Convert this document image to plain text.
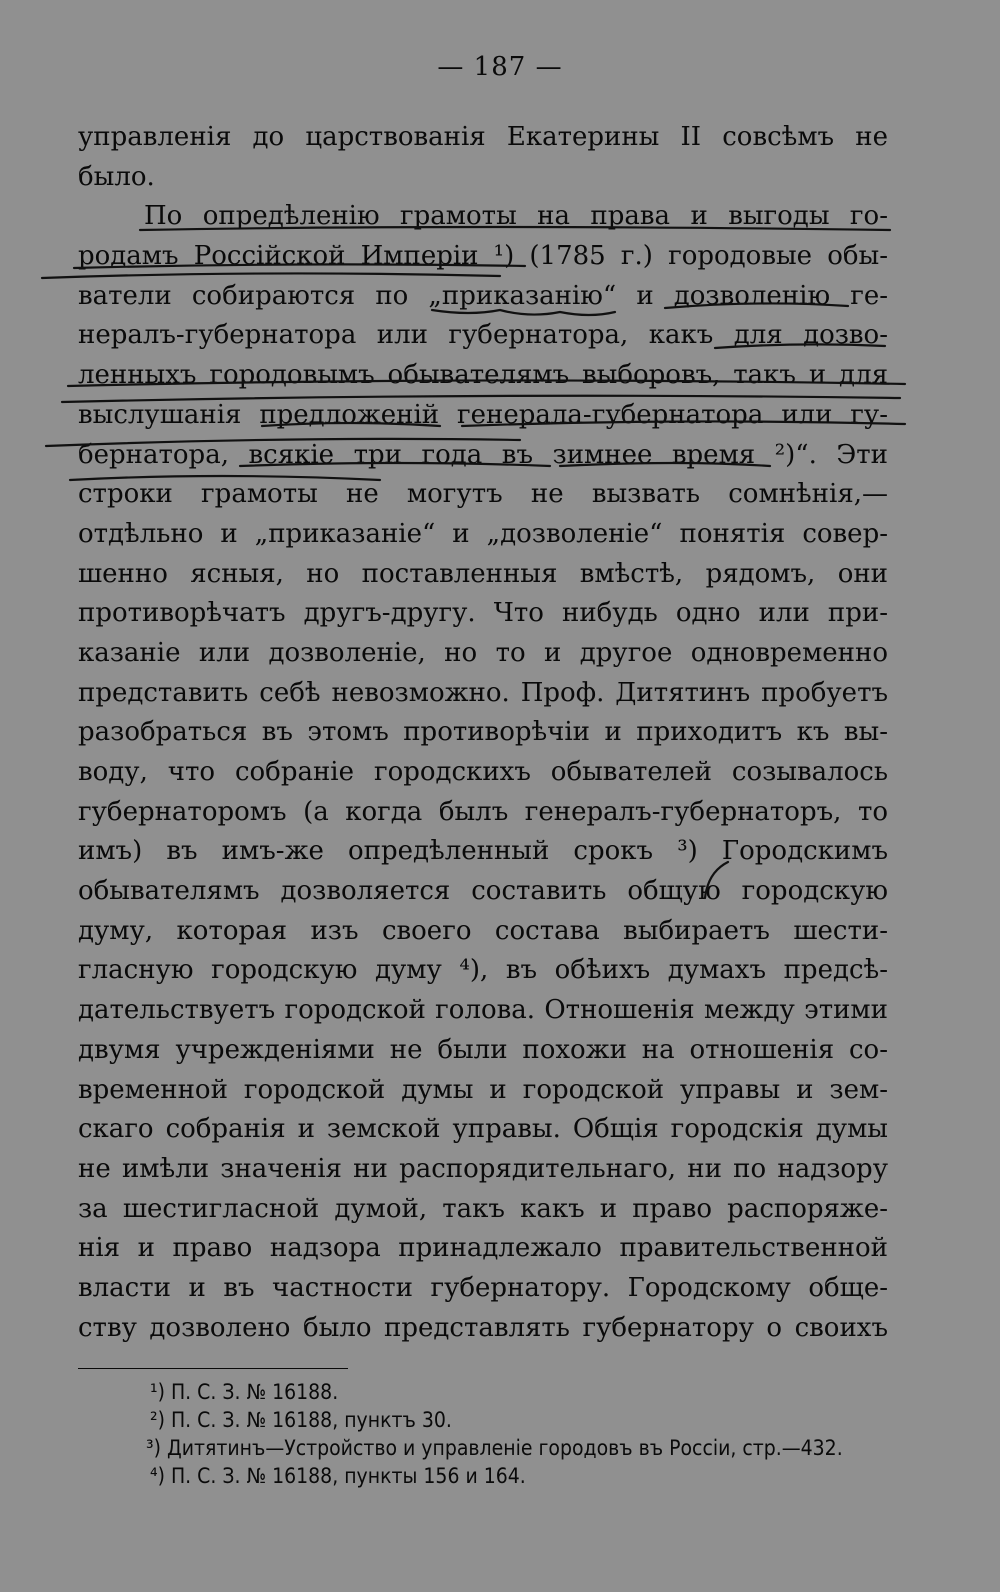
— 187 —
управленія до царствованія Екатерины II совсѣмъ не
было.
По опредѣленію грамоты на права и выгоды го-
родамъ Россійской Имперіи ¹) (1785 г.) городовые обы-
ватели собираются по „приказанію“ и дозволенію ге-
нералъ-губернатора или губернатора, какъ для дозво-
ленныхъ городовымъ обывателямъ выборовъ, такъ и для
выслушанія предложеній генерала-губернатора или гу-
бернатора, всякіе три года въ зимнее время ²)“. Эти
строки грамоты не могутъ не вызвать сомнѣнія,—
отдѣльно и „приказаніе“ и „дозволеніе“ понятія совер-
шенно ясныя, но поставленныя вмѣстѣ, рядомъ, они
противорѣчатъ другъ-другу. Что нибудь одно или при-
казаніе или дозволеніе, но то и другое одновременно
представить себѣ невозможно. Проф. Дитятинъ пробуетъ
разобраться въ этомъ противорѣчіи и приходитъ къ вы-
воду, что собраніе городскихъ обывателей созывалось
губернаторомъ (а когда былъ генералъ-губернаторъ, то
имъ) въ имъ-же опредѣленный срокъ ³) Городскимъ
обывателямъ дозволяется составить общую городскую
думу, которая изъ своего состава выбираетъ шести-
гласную городскую думу ⁴), въ обѣихъ думахъ предсѣ-
дательствуетъ городской голова. Отношенія между этими
двумя учрежденіями не были похожи на отношенія со-
временной городской думы и городской управы и зем-
скаго собранія и земской управы. Общія городскія думы
не имѣли значенія ни распорядительнаго, ни по надзору
за шестигласной думой, такъ какъ и право распоряже-
нія и право надзора принадлежало правительственной
власти и въ частности губернатору. Городскому обще-
ству дозволено было представлять губернатору о своихъ
¹) П. С. З. № 16188.
²) П. С. З. № 16188, пунктъ 30.
³) Дитятинъ—Устройство и управленіе городовъ въ Россіи, стр.—432.
⁴) П. С. З. № 16188, пункты 156 и 164.
